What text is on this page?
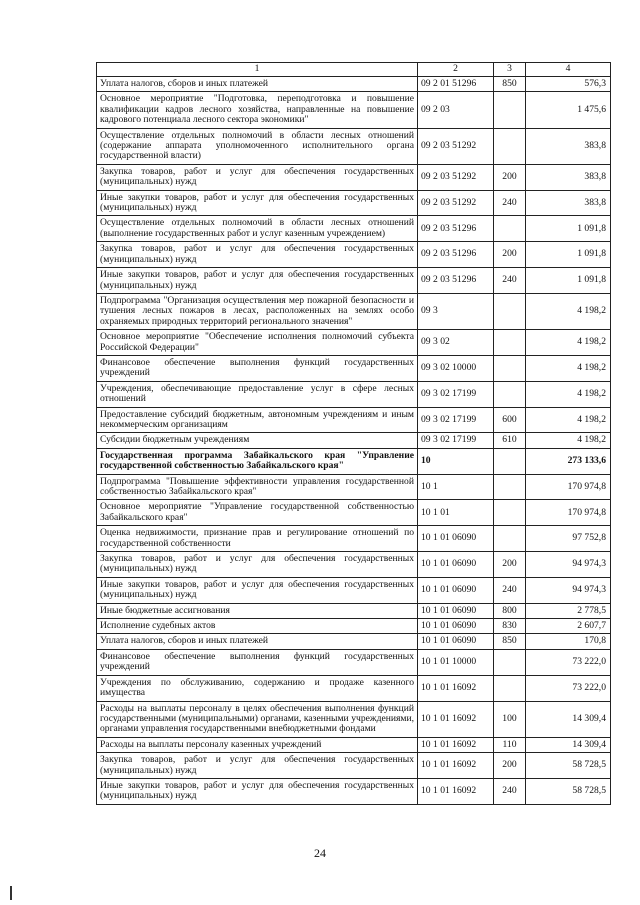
1	2	3	4
Уплата налогов, сборов и иных платежей	09 2 01 51296	850	576,3
Основное мероприятие "Подготовка, переподготовка и повышение квалификации кадров лесного хозяйства, направленные на повышение кадрового потенциала лесного сектора экономики"	09 2 03		1 475,6
Осуществление отдельных полномочий в области лесных отношений (содержание аппарата уполномоченного исполнительного органа государственной власти)	09 2 03 51292		383,8
Закупка товаров, работ и услуг для обеспечения государственных (муниципальных) нужд	09 2 03 51292	200	383,8
Иные закупки товаров, работ и услуг для обеспечения государственных (муниципальных) нужд	09 2 03 51292	240	383,8
Осуществление отдельных полномочий в области лесных отношений (выполнение государственных работ и услуг казенным учреждением)	09 2 03 51296		1 091,8
Закупка товаров, работ и услуг для обеспечения государственных (муниципальных) нужд	09 2 03 51296	200	1 091,8
Иные закупки товаров, работ и услуг для обеспечения государственных (муниципальных) нужд	09 2 03 51296	240	1 091,8
Подпрограмма "Организация осуществления мер пожарной безопасности и тушения лесных пожаров в лесах, расположенных на землях особо охраняемых природных территорий регионального значения"	09 3		4 198,2
Основное мероприятие "Обеспечение исполнения полномочий субъекта Российской Федерации"	09 3 02		4 198,2
Финансовое обеспечение выполнения функций государственных учреждений	09 3 02 10000		4 198,2
Учреждения, обеспечивающие предоставление услуг в сфере лесных отношений	09 3 02 17199		4 198,2
Предоставление субсидий бюджетным, автономным учреждениям и иным некоммерческим организациям	09 3 02 17199	600	4 198,2
Субсидии бюджетным учреждениям	09 3 02 17199	610	4 198,2
Государственная программа Забайкальского края "Управление государственной собственностью Забайкальского края"	10		273 133,6
Подпрограмма "Повышение эффективности управления государственной собственностью Забайкальского края"	10 1		170 974,8
Основное мероприятие "Управление государственной собственностью Забайкальского края"	10 1 01		170 974,8
Оценка недвижимости, признание прав и регулирование отношений по государственной собственности	10 1 01 06090		97 752,8
Закупка товаров, работ и услуг для обеспечения государственных (муниципальных) нужд	10 1 01 06090	200	94 974,3
Иные закупки товаров, работ и услуг для обеспечения государственных (муниципальных) нужд	10 1 01 06090	240	94 974,3
Иные бюджетные ассигнования	10 1 01 06090	800	2 778,5
Исполнение судебных актов	10 1 01 06090	830	2 607,7
Уплата налогов, сборов и иных платежей	10 1 01 06090	850	170,8
Финансовое обеспечение выполнения функций государственных учреждений	10 1 01 10000		73 222,0
Учреждения по обслуживанию, содержанию и продаже казенного имущества	10 1 01 16092		73 222,0
Расходы на выплаты персоналу в целях обеспечения выполнения функций государственными (муниципальными) органами, казенными учреждениями, органами управления государственными внебюджетными фондами	10 1 01 16092	100	14 309,4
Расходы на выплаты персоналу казенных учреждений	10 1 01 16092	110	14 309,4
Закупка товаров, работ и услуг для обеспечения государственных (муниципальных) нужд	10 1 01 16092	200	58 728,5
Иные закупки товаров, работ и услуг для обеспечения государственных (муниципальных) нужд	10 1 01 16092	240	58 728,5
24
